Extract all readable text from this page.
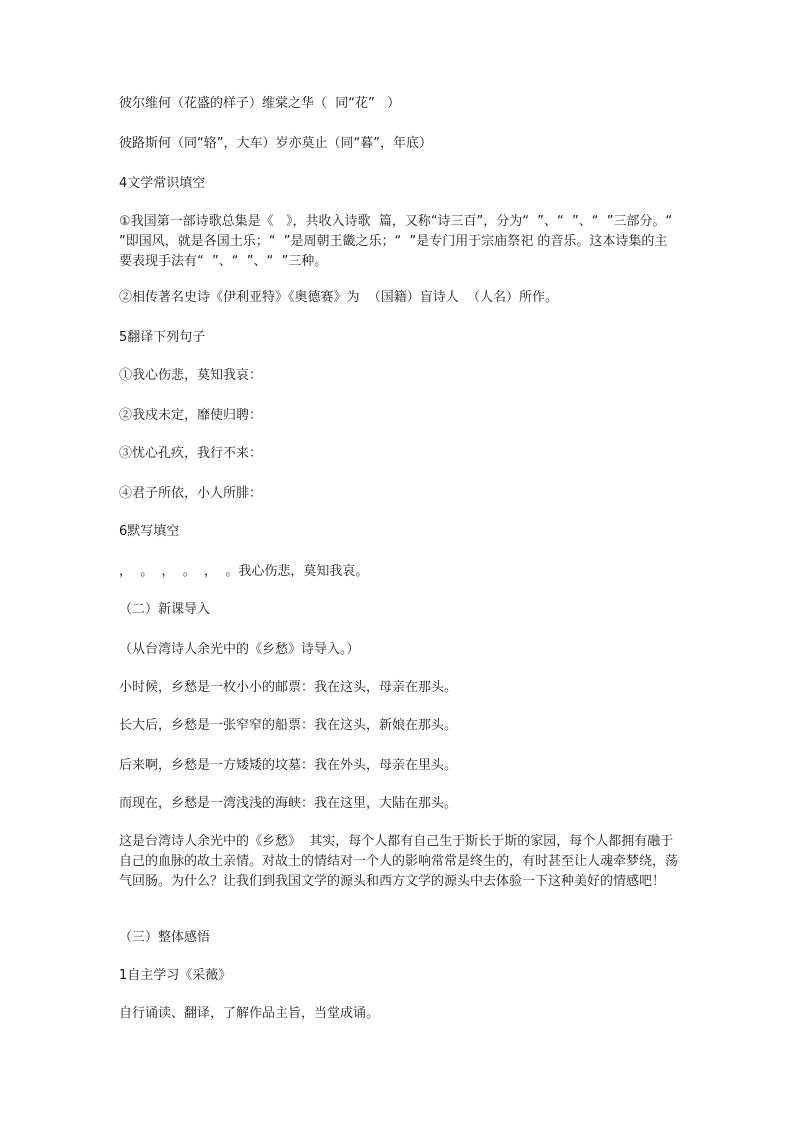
彼尔维何（花盛的样子）维棠之华（  同“花”   ）

彼路斯何（同“辂”，大车）岁亦莫止（同“暮”，年底）

4文学常识填空

①我国第一部诗歌总集是《   》，共收入诗歌  篇，又称“诗三百”，分为“  ”、“  ”、“  ”三部分。“  ”即国风，就是各国土乐；“  ”是周朝王畿之乐；“  ”是专门用于宗庙祭祀 的音乐。这本诗集的主要表现手法有“  ”、“  ”、“  ”三种。

②相传著名史诗《伊利亚特》《奥德赛》为  （国籍）盲诗人  （人名）所作。

5翻译下列句子

①我心伤悲，莫知我哀：

②我戍未定，靡使归聘：

③忧心孔疚，我行不来：

④君子所依，小人所腓：

6默写填空

，  。  ，  。  ，  。我心伤悲，莫知我哀。

（二）新课导入

（从台湾诗人余光中的《乡愁》诗导入。）

小时候，乡愁是一枚小小的邮票：我在这头，母亲在那头。

长大后，乡愁是一张窄窄的船票：我在这头，新娘在那头。

后来啊，乡愁是一方矮矮的坟墓：我在外头，母亲在里头。

而现在，乡愁是一湾浅浅的海峡：我在这里，大陆在那头。

这是台湾诗人余光中的《乡愁》  其实，每个人都有自己生于斯长于斯的家园，每个人都拥有融于自己的血脉的故土亲情。对故土的情结对一个人的影响常常是终生的，有时甚至让人魂牵梦绕，荡气回肠。为什么？让我们到我国文学的源头和西方文学的源头中去体验一下这种美好的情感吧！

（三）整体感悟

1自主学习《采薇》

自行诵读、翻译，了解作品主旨，当堂成诵。
